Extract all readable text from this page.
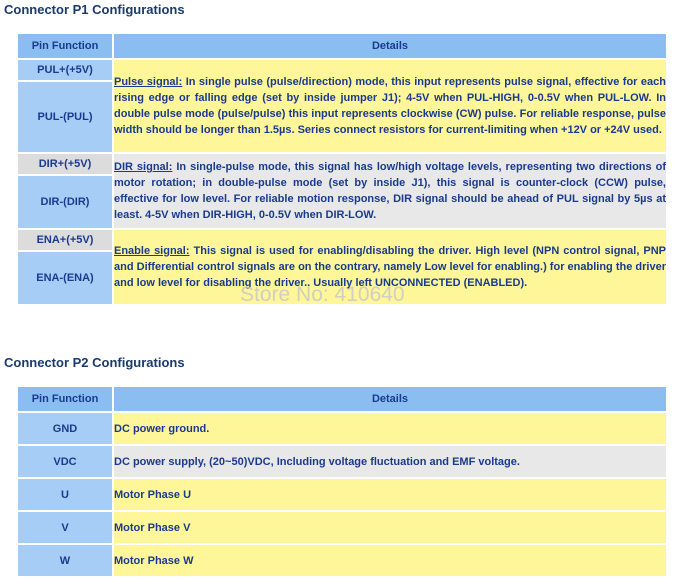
Connector P1 Configurations
Pin Function	Details
PUL+(+5V)	Pulse signal: In single pulse (pulse/direction) mode, this input represents pulse signal, effective for each rising edge or falling edge (set by inside jumper J1); 4-5V when PUL-HIGH, 0-0.5V when PUL-LOW. In double pulse mode (pulse/pulse) this input represents clockwise (CW) pulse. For reliable response, pulse width should be longer than 1.5µs. Series connect resistors for current-limiting when +12V or +24V used.
PUL-(PUL)	
DIR+(+5V)	DIR signal: In single-pulse mode, this signal has low/high voltage levels, representing two directions of motor rotation; in double-pulse mode (set by inside J1), this signal is counter-clock (CCW) pulse, effective for low level. For reliable motion response, DIR signal should be ahead of PUL signal by 5µs at least. 4-5V when DIR-HIGH, 0-0.5V when DIR-LOW.
DIR-(DIR)	
ENA+(+5V)	Enable signal: This signal is used for enabling/disabling the driver. High level (NPN control signal, PNP and Differential control signals are on the contrary, namely Low level for enabling.) for enabling the driver and low level for disabling the driver.. Usually left UNCONNECTED (ENABLED).
ENA-(ENA)	
Store No: 410640
Connector P2 Configurations
Pin Function	Details
GND	DC power ground.
VDC	DC power supply, (20~50)VDC, Including voltage fluctuation and EMF voltage.
U	Motor Phase U
V	Motor Phase V
W	Motor Phase W
